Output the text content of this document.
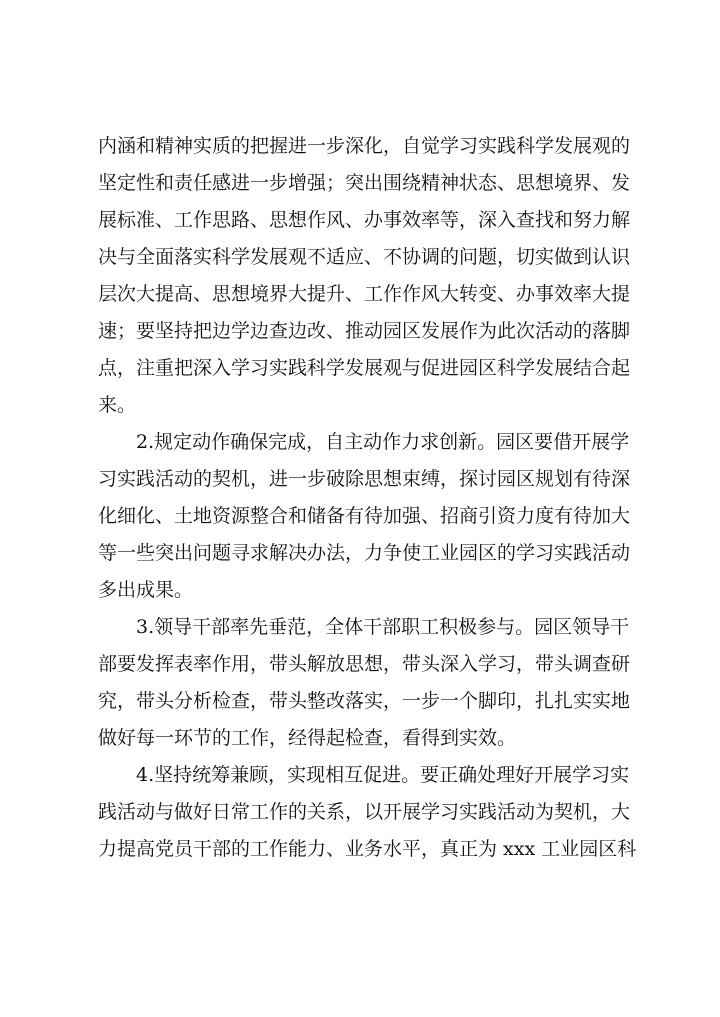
内涵和精神实质的把握进一步深化，自觉学习实践科学发展观的
坚定性和责任感进一步增强；突出围绕精神状态、思想境界、发
展标准、工作思路、思想作风、办事效率等，深入查找和努力解
决与全面落实科学发展观不适应、不协调的问题，切实做到认识
层次大提高、思想境界大提升、工作作风大转变、办事效率大提
速；要坚持把边学边查边改、推动园区发展作为此次活动的落脚
点，注重把深入学习实践科学发展观与促进园区科学发展结合起
来。
2.规定动作确保完成，自主动作力求创新。园区要借开展学
习实践活动的契机，进一步破除思想束缚，探讨园区规划有待深
化细化、土地资源整合和储备有待加强、招商引资力度有待加大
等一些突出问题寻求解决办法，力争使工业园区的学习实践活动
多出成果。
3.领导干部率先垂范，全体干部职工积极参与。园区领导干
部要发挥表率作用，带头解放思想，带头深入学习，带头调查研
究，带头分析检查，带头整改落实，一步一个脚印，扎扎实实地
做好每一环节的工作，经得起检查，看得到实效。
4.坚持统筹兼顾，实现相互促进。要正确处理好开展学习实
践活动与做好日常工作的关系，以开展学习实践活动为契机，大
力提高党员干部的工作能力、业务水平，真正为 xxx 工业园区科
